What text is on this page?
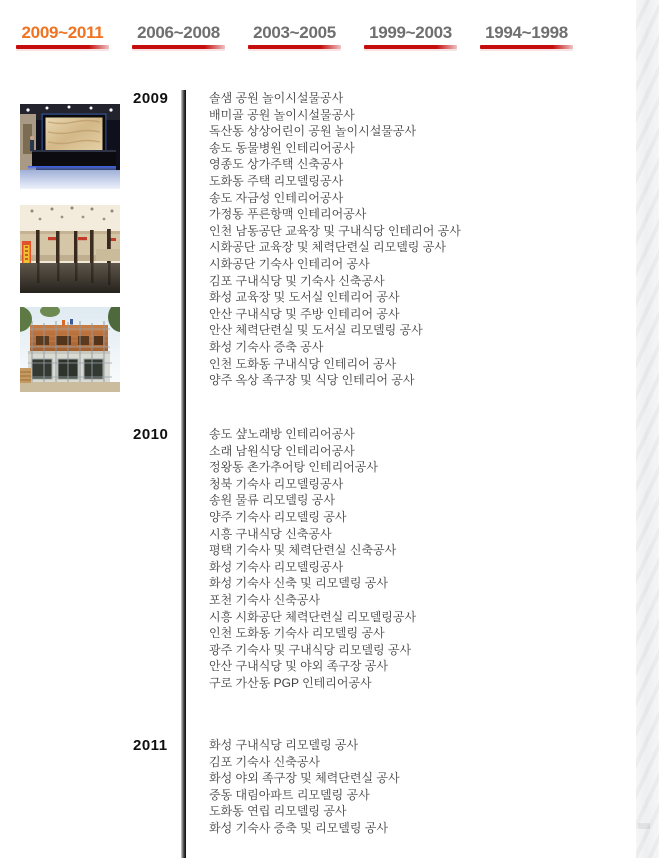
2009~2011	2006~2008 2003~2005 1999~2003 1994~1998
2009	솔샘 공원 놀이시설물공사
배미골 공원 놀이시설물공사
독산동 상상어린이 공원 놀이시설물공사
송도 동물병원 인테리어공사
영종도 상가주택 신축공사
도화동 주택 리모델링공사
송도 자금성 인테리어공사
가정동 푸른항맥 인테리어공사
인천 남동공단 교육장 및 구내식당 인테리어 공사
시화공단 교육장 및 체력단련실 리모델링 공사
시화공단 기숙사 인테리어 공사
김포 구내식당 및 기숙사 신축공사
화성 교육장 및 도서실 인테리어 공사
안산 구내식당 및 주방 인테리어 공사
안산 체력단련실 및 도서실 리모델링 공사
화성 기숙사 증축 공사
인천 도화동 구내식당 인테리어 공사
양주 옥상 족구장 및 식당 인테리어 공사
2010	송도 샾노래방 인테리어공사
소래 남원식당 인테리어공사
정왕동 촌가추어탕 인테리어공사
청북 기숙사 리모델링공사
송원 물류 리모델링 공사
양주 기숙사 리모델링 공사
시흥 구내식당 신축공사
평택 기숙사 및 체력단련실 신축공사
화성 기숙사 리모델링공사
화성 기숙사 신축 및 리모델링 공사
포천 기숙사 신축공사
시흥 시화공단 체력단련실 리모델링공사
인천 도화동 기숙사 리모델링 공사
광주 기숙사 및 구내식당 리모델링 공사
안산 구내식당 및 야외 족구장 공사
구로 가산동 PGP 인테리어공사
2011	화성 구내식당 리모델링 공사
김포 기숙사 신축공사
화성 야외 족구장 및 체력단련실 공사
중동 대림아파트 리모델링 공사
도화동 연립 리모델링 공사
화성 기숙사 증축 및 리모델링 공사
